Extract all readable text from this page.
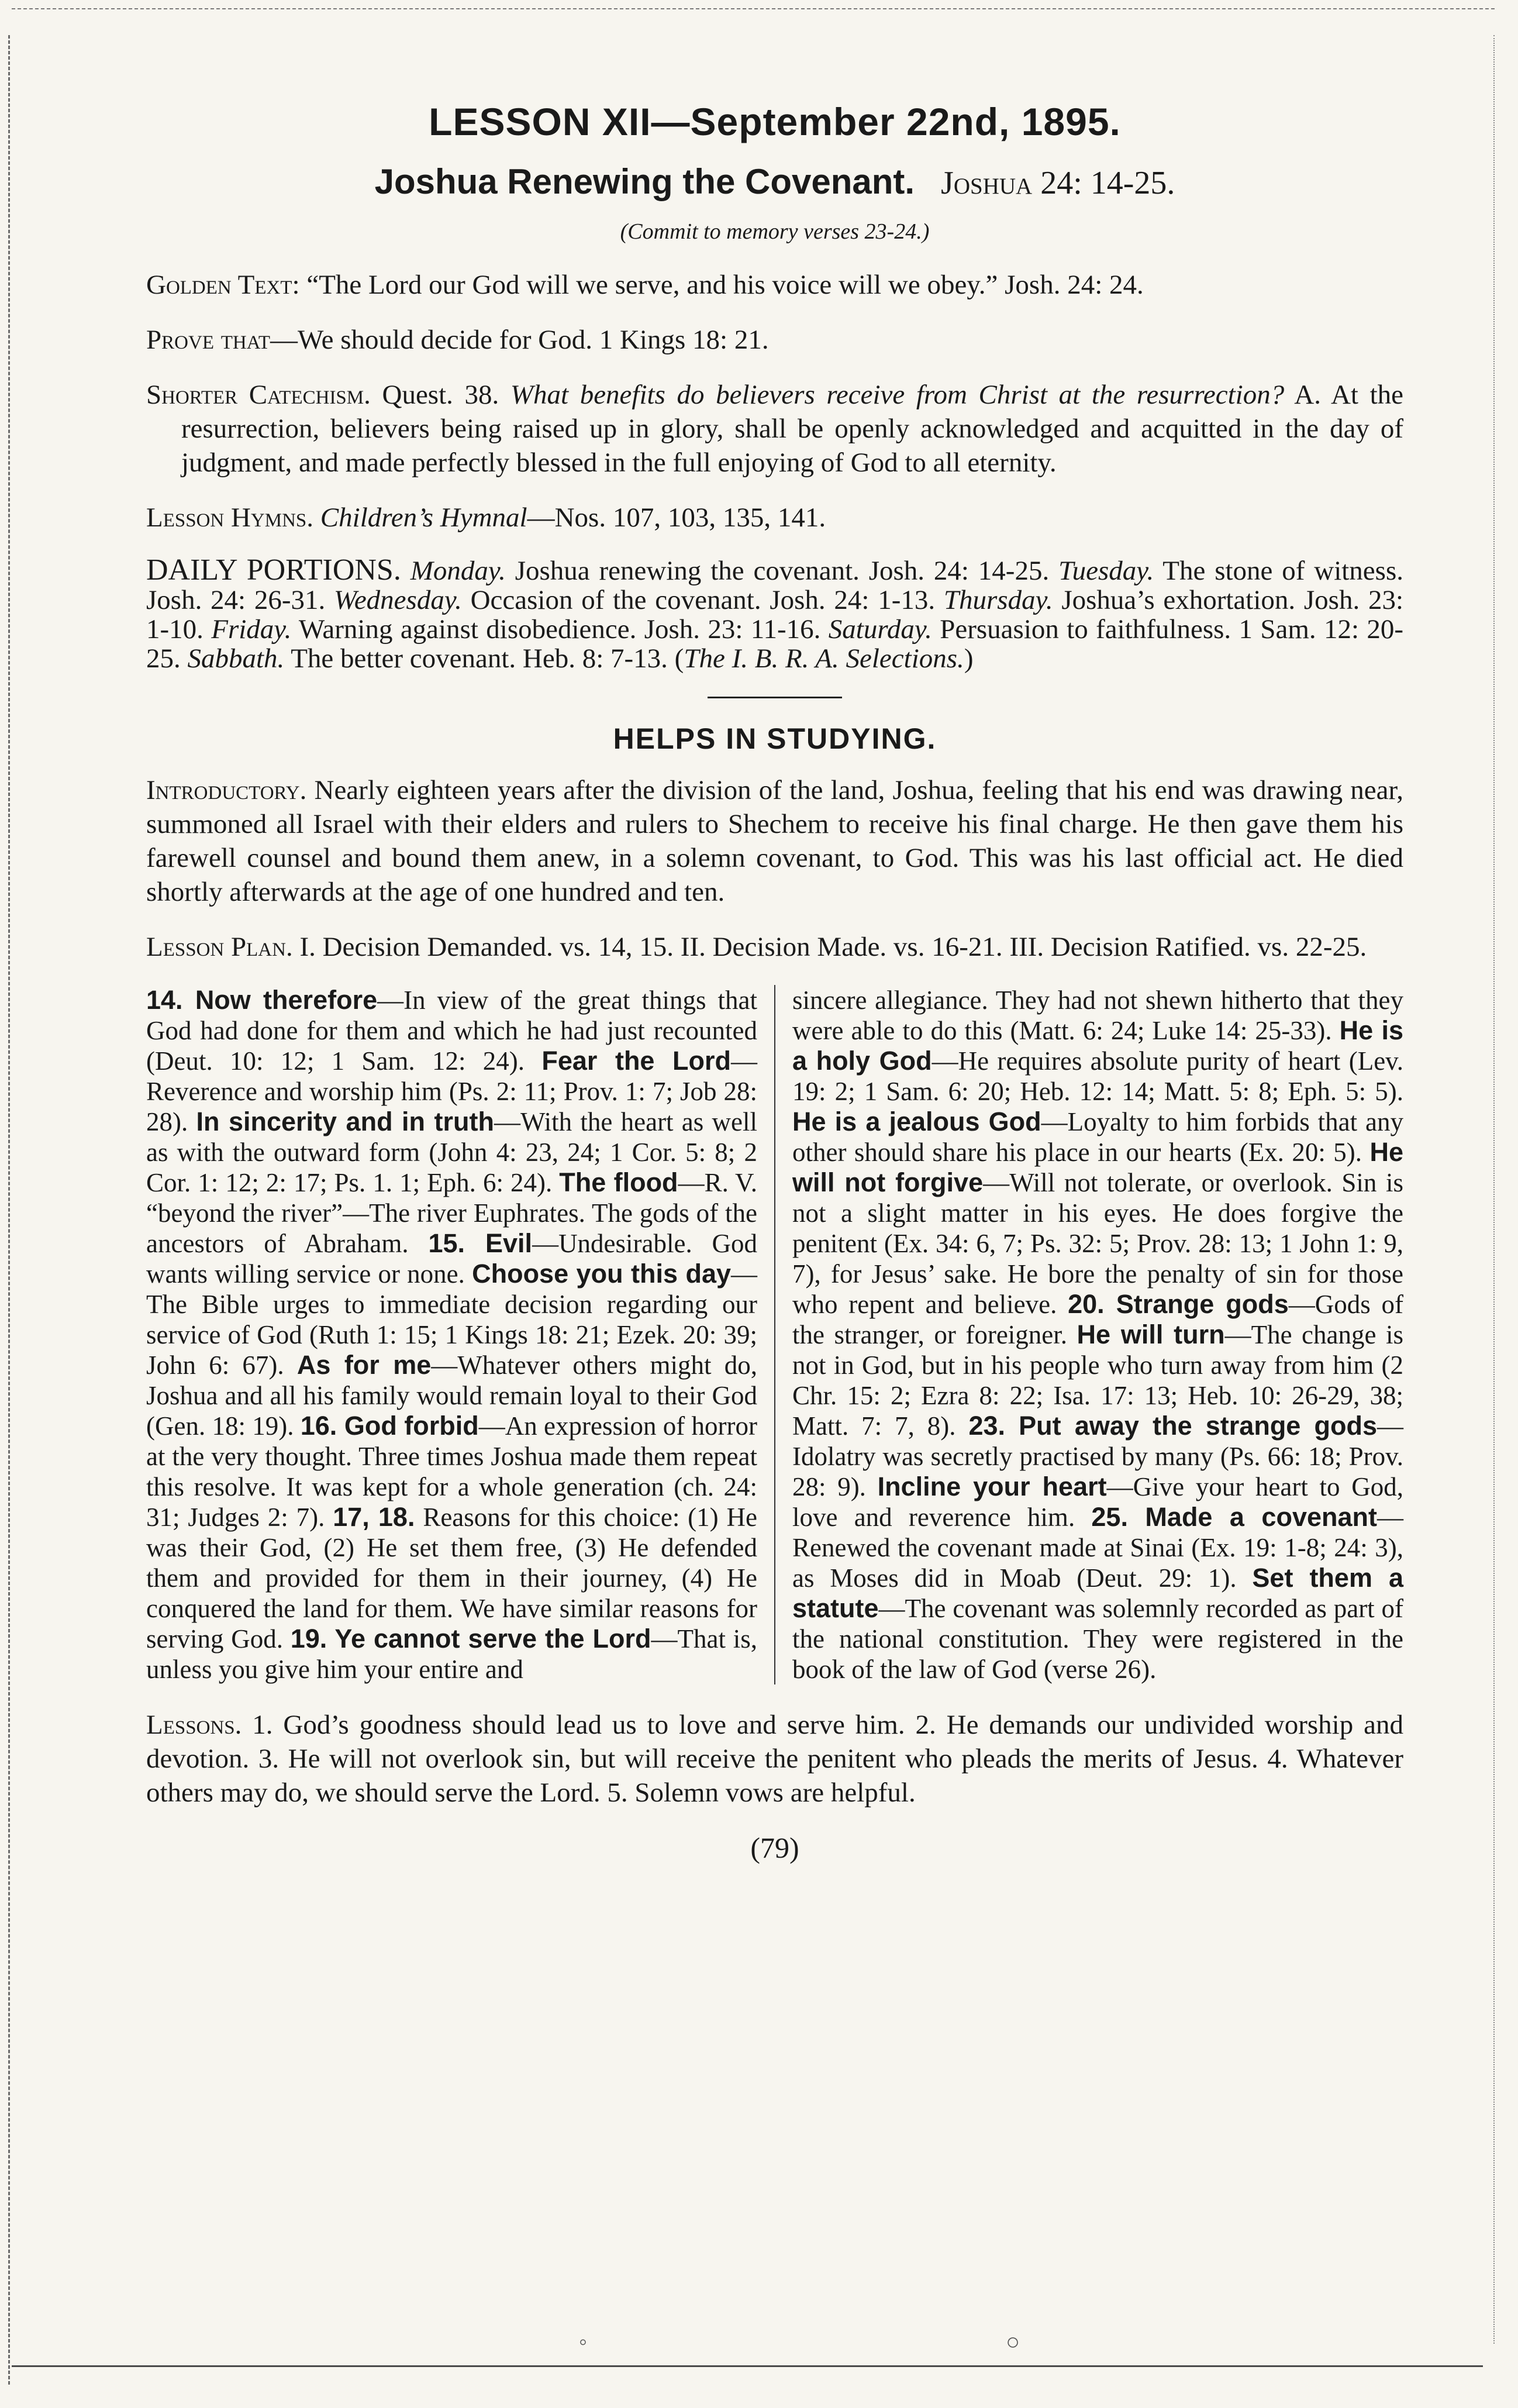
LESSON XII—September 22nd, 1895.
Joshua Renewing the Covenant. Joshua 24: 14-25.
(Commit to memory verses 23-24.)

Golden Text: “The Lord our God will we serve, and his voice will we obey.” Josh. 24: 24.

Prove that—We should decide for God. 1 Kings 18: 21.

Shorter Catechism. Quest. 38. What benefits do believers receive from Christ at the resurrection? A. At the resurrection, believers being raised up in glory, shall be openly acknowledged and acquitted in the day of judgment, and made perfectly blessed in the full enjoying of God to all eternity.

Lesson Hymns. Children’s Hymnal—Nos. 107, 103, 135, 141.

DAILY PORTIONS. Monday. Joshua renewing the covenant. Josh. 24: 14-25. Tuesday. The stone of witness. Josh. 24: 26-31. Wednesday. Occasion of the covenant. Josh. 24: 1-13. Thursday. Joshua’s exhortation. Josh. 23: 1-10. Friday. Warning against disobedience. Josh. 23: 11-16. Saturday. Persuasion to faithfulness. 1 Sam. 12: 20-25. Sabbath. The better covenant. Heb. 8: 7-13. (The I. B. R. A. Selections.)

HELPS IN STUDYING.

Introductory. Nearly eighteen years after the division of the land, Joshua, feeling that his end was drawing near, summoned all Israel with their elders and rulers to Shechem to receive his final charge. He then gave them his farewell counsel and bound them anew, in a solemn covenant, to God. This was his last official act. He died shortly afterwards at the age of one hundred and ten.

Lesson Plan. I. Decision Demanded. vs. 14, 15. II. Decision Made. vs. 16-21. III. Decision Ratified. vs. 22-25.

14. Now therefore—In view of the great things that God had done for them and which he had just recounted (Deut. 10: 12; 1 Sam. 12: 24). Fear the Lord—Reverence and worship him (Ps. 2: 11; Prov. 1: 7; Job 28: 28). In sincerity and in truth—With the heart as well as with the outward form (John 4: 23, 24; 1 Cor. 5: 8; 2 Cor. 1: 12; 2: 17; Ps. 1. 1; Eph. 6: 24). The flood—R. V. “beyond the river”—The river Euphrates. The gods of the ancestors of Abraham. 15. Evil—Undesirable. God wants willing service or none. Choose you this day—The Bible urges to immediate decision regarding our service of God (Ruth 1: 15; 1 Kings 18: 21; Ezek. 20: 39; John 6: 67). As for me—Whatever others might do, Joshua and all his family would remain loyal to their God (Gen. 18: 19). 16. God forbid—An expression of horror at the very thought. Three times Joshua made them repeat this resolve. It was kept for a whole generation (ch. 24: 31; Judges 2: 7). 17, 18. Reasons for this choice: (1) He was their God, (2) He set them free, (3) He defended them and provided for them in their journey, (4) He conquered the land for them. We have similar reasons for serving God. 19. Ye cannot serve the Lord—That is, unless you give him your entire and
sincere allegiance. They had not shewn hitherto that they were able to do this (Matt. 6: 24; Luke 14: 25-33). He is a holy God—He requires absolute purity of heart (Lev. 19: 2; 1 Sam. 6: 20; Heb. 12: 14; Matt. 5: 8; Eph. 5: 5). He is a jealous God—Loyalty to him forbids that any other should share his place in our hearts (Ex. 20: 5). He will not forgive—Will not tolerate, or overlook. Sin is not a slight matter in his eyes. He does forgive the penitent (Ex. 34: 6, 7; Ps. 32: 5; Prov. 28: 13; 1 John 1: 9, 7), for Jesus’ sake. He bore the penalty of sin for those who repent and believe. 20. Strange gods—Gods of the stranger, or foreigner. He will turn—The change is not in God, but in his people who turn away from him (2 Chr. 15: 2; Ezra 8: 22; Isa. 17: 13; Heb. 10: 26-29, 38; Matt. 7: 7, 8). 23. Put away the strange gods—Idolatry was secretly practised by many (Ps. 66: 18; Prov. 28: 9). Incline your heart—Give your heart to God, love and reverence him. 25. Made a covenant—Renewed the covenant made at Sinai (Ex. 19: 1-8; 24: 3), as Moses did in Moab (Deut. 29: 1). Set them a statute—The covenant was solemnly recorded as part of the national constitution. They were registered in the book of the law of God (verse 26).

Lessons. 1. God’s goodness should lead us to love and serve him. 2. He demands our undivided worship and devotion. 3. He will not overlook sin, but will receive the penitent who pleads the merits of Jesus. 4. Whatever others may do, we should serve the Lord. 5. Solemn vows are helpful.

(79)
◦	○
